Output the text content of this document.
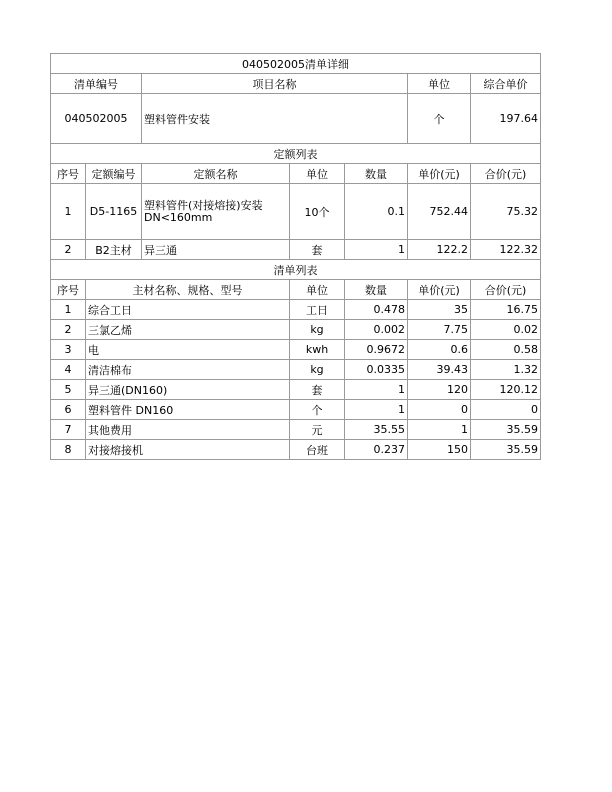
040502005清单详细						
清单编号		项目名称			单位	综合单价
040502005		塑料管件安装			个	197.64
定额列表						
序号	定额编号	定额名称	单位	数量	单价(元)	合价(元)
1	D5-1165	塑料管件(对接熔接)安装 DN<160mm	10个	0.1	752.44	75.32
2	B2主材	异三通	套	1	122.2	122.32
清单列表						
序号	主材名称、规格、型号		单位	数量	单价(元)	合价(元)
1	综合工日		工日	0.478	35	16.75
2	三氯乙烯		kg	0.002	7.75	0.02
3	电		kwh	0.9672	0.6	0.58
4	清洁棉布		kg	0.0335	39.43	1.32
5	异三通(DN160)		套	1	120	120.12
6	塑料管件 DN160		个	1	0	0
7	其他费用		元	35.55	1	35.59
8	对接熔接机		台班	0.237	150	35.59
